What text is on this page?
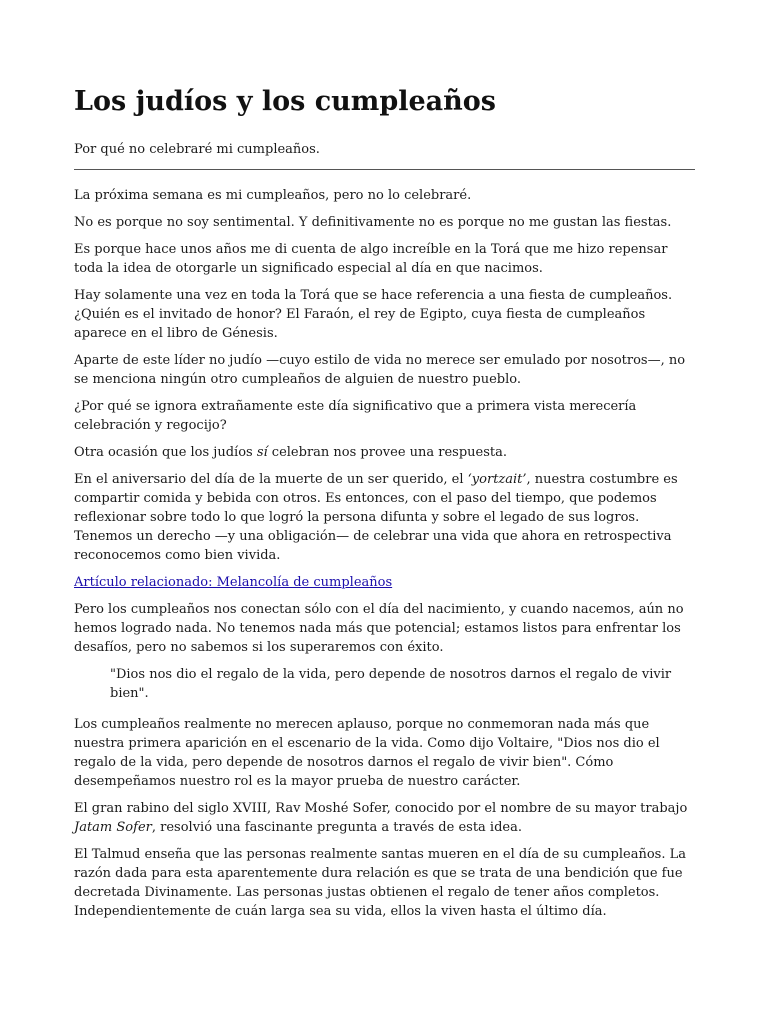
Los judíos y los cumpleaños

Por qué no celebraré mi cumpleaños.

La próxima semana es mi cumpleaños, pero no lo celebraré.

No es porque no soy sentimental. Y definitivamente no es porque no me gustan las fiestas.

Es porque hace unos años me di cuenta de algo increíble en la Torá que me hizo repensar toda la idea de otorgarle un significado especial al día en que nacimos.

Hay solamente una vez en toda la Torá que se hace referencia a una fiesta de cumpleaños. ¿Quién es el invitado de honor? El Faraón, el rey de Egipto, cuya fiesta de cumpleaños aparece en el libro de Génesis.

Aparte de este líder no judío —cuyo estilo de vida no merece ser emulado por nosotros—, no se menciona ningún otro cumpleaños de alguien de nuestro pueblo.

¿Por qué se ignora extrañamente este día significativo que a primera vista merecería celebración y regocijo?

Otra ocasión que los judíos sí celebran nos provee una respuesta.

En el aniversario del día de la muerte de un ser querido, el ‘yortzait’, nuestra costumbre es compartir comida y bebida con otros. Es entonces, con el paso del tiempo, que podemos reflexionar sobre todo lo que logró la persona difunta y sobre el legado de sus logros. Tenemos un derecho —y una obligación— de celebrar una vida que ahora en retrospectiva reconocemos como bien vivida.

Artículo relacionado: Melancolía de cumpleaños

Pero los cumpleaños nos conectan sólo con el día del nacimiento, y cuando nacemos, aún no hemos logrado nada. No tenemos nada más que potencial; estamos listos para enfrentar los desafíos, pero no sabemos si los superaremos con éxito.

"Dios nos dio el regalo de la vida, pero depende de nosotros darnos el regalo de vivir bien".

Los cumpleaños realmente no merecen aplauso, porque no conmemoran nada más que nuestra primera aparición en el escenario de la vida. Como dijo Voltaire, "Dios nos dio el regalo de la vida, pero depende de nosotros darnos el regalo de vivir bien". Cómo desempeñamos nuestro rol es la mayor prueba de nuestro carácter.

El gran rabino del siglo XVIII, Rav Moshé Sofer, conocido por el nombre de su mayor trabajo Jatam Sofer, resolvió una fascinante pregunta a través de esta idea.

El Talmud enseña que las personas realmente santas mueren en el día de su cumpleaños. La razón dada para esta aparentemente dura relación es que se trata de una bendición que fue decretada Divinamente. Las personas justas obtienen el regalo de tener años completos. Independientemente de cuán larga sea su vida, ellos la viven hasta el último día.
